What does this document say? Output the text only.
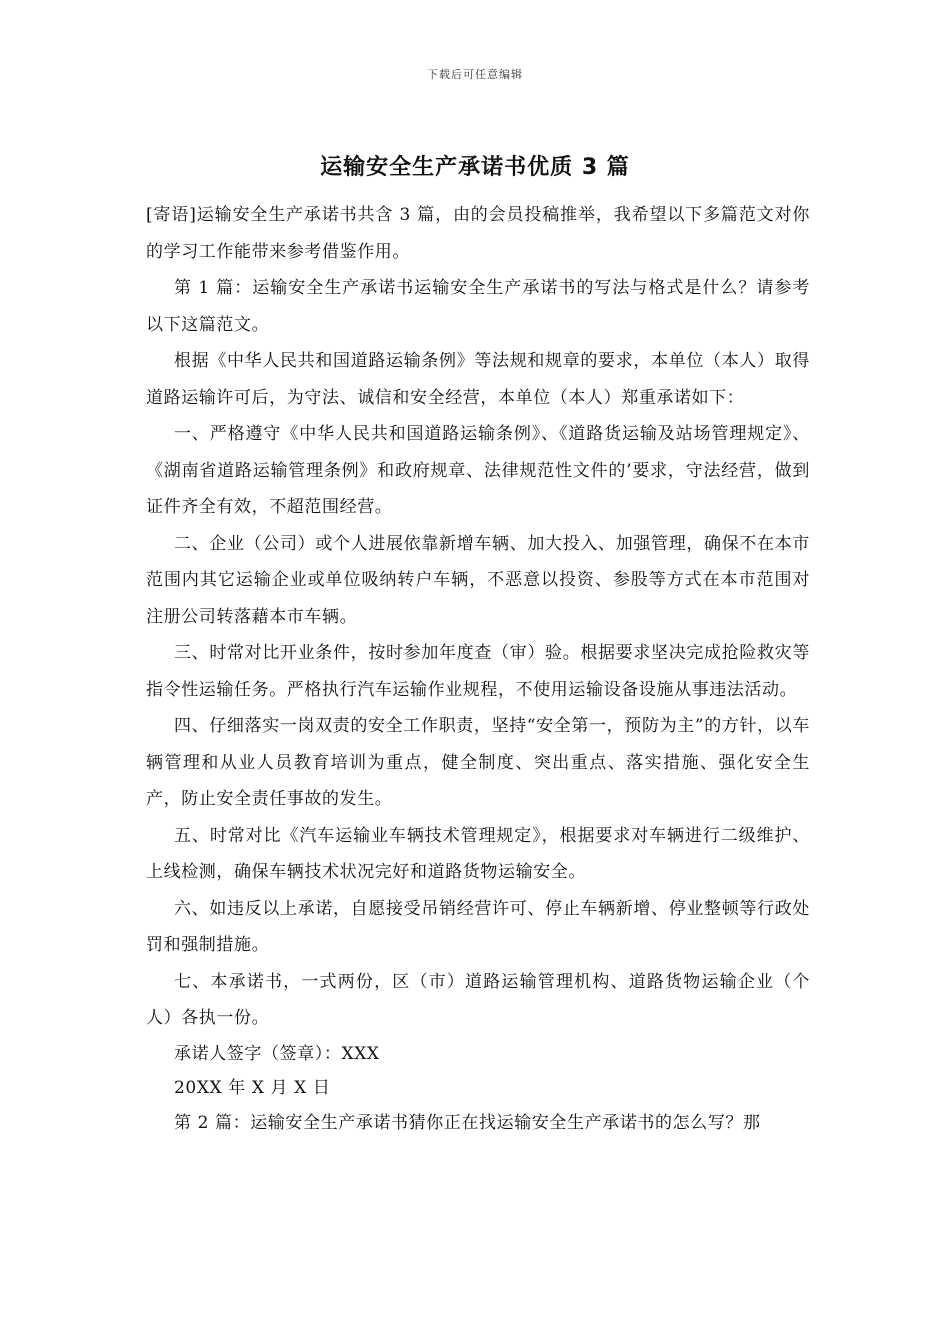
下载后可任意编辑
运输安全生产承诺书优质 3 篇

[寄语]运输安全生产承诺书共含 3 篇，由的会员投稿推举，我希望以下多篇范文对你的学习工作能带来参考借鉴作用。

第 1 篇：运输安全生产承诺书运输安全生产承诺书的写法与格式是什么？请参考以下这篇范文。

根据《中华人民共和国道路运输条例》等法规和规章的要求，本单位（本人）取得道路运输许可后，为守法、诚信和安全经营，本单位（本人）郑重承诺如下：

一、严格遵守《中华人民共和国道路运输条例》、《道路货运输及站场管理规定》、《湖南省道路运输管理条例》和政府规章、法律规范性文件的’要求，守法经营，做到证件齐全有效，不超范围经营。

二、企业（公司）或个人进展依靠新增车辆、加大投入、加强管理，确保不在本市范围内其它运输企业或单位吸纳转户车辆，不恶意以投资、参股等方式在本市范围对注册公司转落藉本市车辆。

三、时常对比开业条件，按时参加年度查（审）验。根据要求坚决完成抢险救灾等指令性运输任务。严格执行汽车运输作业规程，不使用运输设备设施从事违法活动。

四、仔细落实一岗双责的安全工作职责，坚持“安全第一，预防为主”的方针，以车辆管理和从业人员教育培训为重点，健全制度、突出重点、落实措施、强化安全生产，防止安全责任事故的发生。

五、时常对比《汽车运输业车辆技术管理规定》，根据要求对车辆进行二级维护、上线检测，确保车辆技术状况完好和道路货物运输安全。

六、如违反以上承诺，自愿接受吊销经营许可、停止车辆新增、停业整顿等行政处罚和强制措施。

七、本承诺书，一式两份，区（市）道路运输管理机构、道路货物运输企业（个人）各执一份。

承诺人签字（签章）：XXX

20XX 年 X 月 X 日

第 2 篇：运输安全生产承诺书猜你正在找运输安全生产承诺书的怎么写？那
